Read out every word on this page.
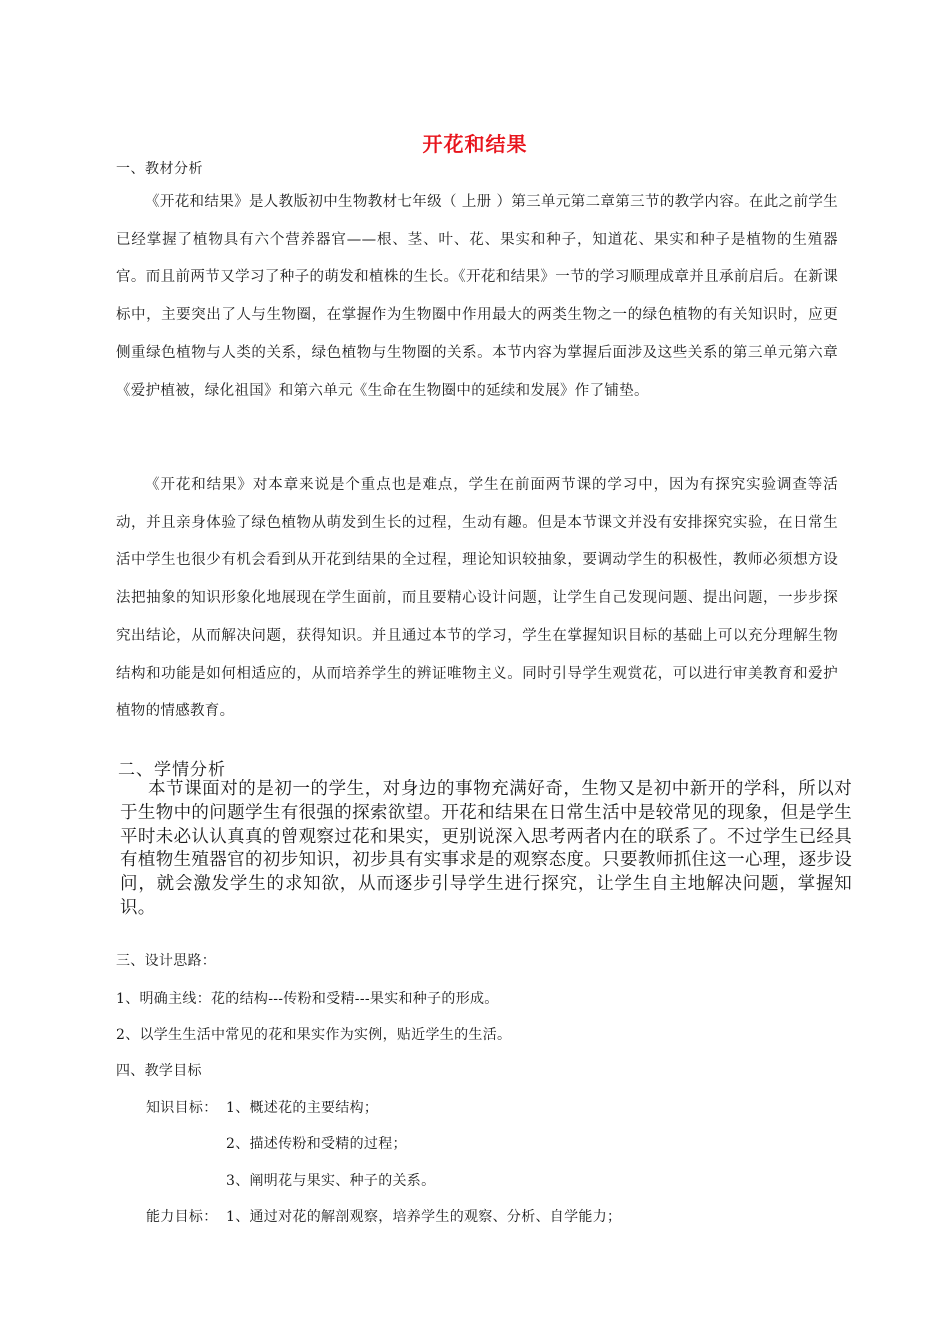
开花和结果
一、教材分析
《开花和结果》是人教版初中生物教材七年级（ 上册 ）第三单元第二章第三节的教学内容。在此之前学生已经掌握了植物具有六个营养器官——根、茎、叶、花、果实和种子，知道花、果实和种子是植物的生殖器官。而且前两节又学习了种子的萌发和植株的生长。《开花和结果》一节的学习顺理成章并且承前启后。在新课标中，主要突出了人与生物圈，在掌握作为生物圈中作用最大的两类生物之一的绿色植物的有关知识时，应更侧重绿色植物与人类的关系，绿色植物与生物圈的关系。本节内容为掌握后面涉及这些关系的第三单元第六章《爱护植被，绿化祖国》和第六单元《生命在生物圈中的延续和发展》作了铺垫。
《开花和结果》对本章来说是个重点也是难点，学生在前面两节课的学习中，因为有探究实验调查等活动，并且亲身体验了绿色植物从萌发到生长的过程，生动有趣。但是本节课文并没有安排探究实验，在日常生活中学生也很少有机会看到从开花到结果的全过程，理论知识较抽象，要调动学生的积极性，教师必须想方设法把抽象的知识形象化地展现在学生面前，而且要精心设计问题，让学生自己发现问题、提出问题，一步步探究出结论，从而解决问题，获得知识。并且通过本节的学习，学生在掌握知识目标的基础上可以充分理解生物结构和功能是如何相适应的，从而培养学生的辨证唯物主义。同时引导学生观赏花，可以进行审美教育和爱护植物的情感教育。
二、学情分析
本节课面对的是初一的学生，对身边的事物充满好奇，生物又是初中新开的学科，所以对于生物中的问题学生有很强的探索欲望。开花和结果在日常生活中是较常见的现象，但是学生平时未必认认真真的曾观察过花和果实，更别说深入思考两者内在的联系了。不过学生已经具有植物生殖器官的初步知识，初步具有实事求是的观察态度。只要教师抓住这一心理，逐步设问，就会激发学生的求知欲，从而逐步引导学生进行探究，让学生自主地解决问题，掌握知识。
三、设计思路：
1、明确主线：花的结构---传粉和受精---果实和种子的形成。
2、以学生生活中常见的花和果实作为实例，贴近学生的生活。
四、教学目标
知识目标： 1、概述花的主要结构；
2、描述传粉和受精的过程；
3、阐明花与果实、种子的关系。
能力目标： 1、通过对花的解剖观察，培养学生的观察、分析、自学能力；
